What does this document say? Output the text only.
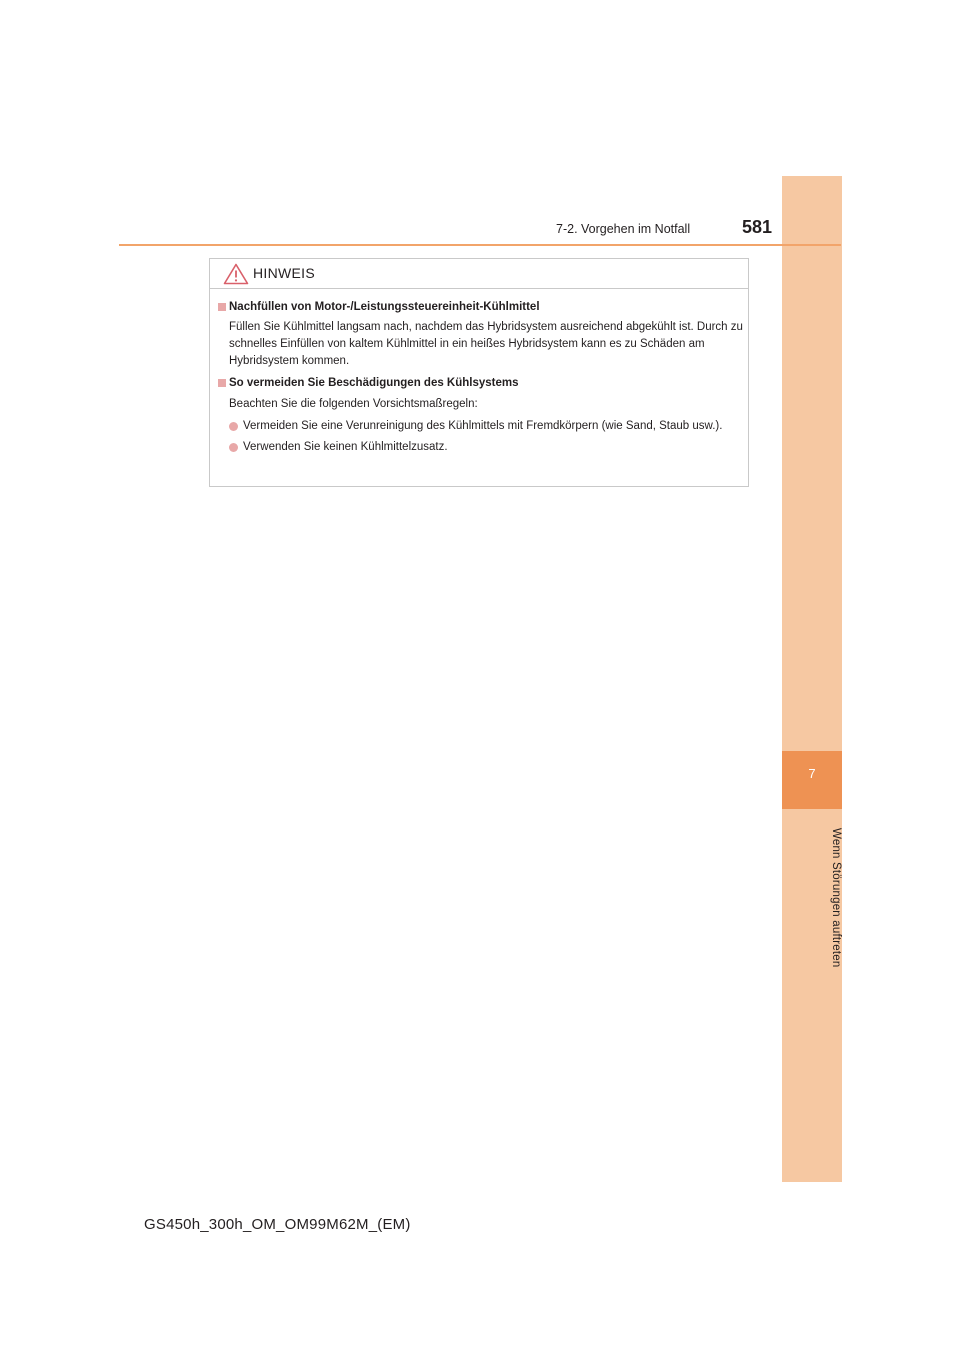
7
Wenn Störungen auftreten
7-2. Vorgehen im Notfall	581
HINWEIS
Nachfüllen von Motor-/Leistungssteuereinheit-Kühlmittel
Füllen Sie Kühlmittel langsam nach, nachdem das Hybridsystem ausreichend abgekühlt ist. Durch zu schnelles Einfüllen von kaltem Kühlmittel in ein heißes Hybridsystem kann es zu Schäden am Hybridsystem kommen.
So vermeiden Sie Beschädigungen des Kühlsystems
Beachten Sie die folgenden Vorsichtsmaßregeln:
Vermeiden Sie eine Verunreinigung des Kühlmittels mit Fremdkörpern (wie Sand, Staub usw.).
Verwenden Sie keinen Kühlmittelzusatz.
GS450h_300h_OM_OM99M62M_(EM)
